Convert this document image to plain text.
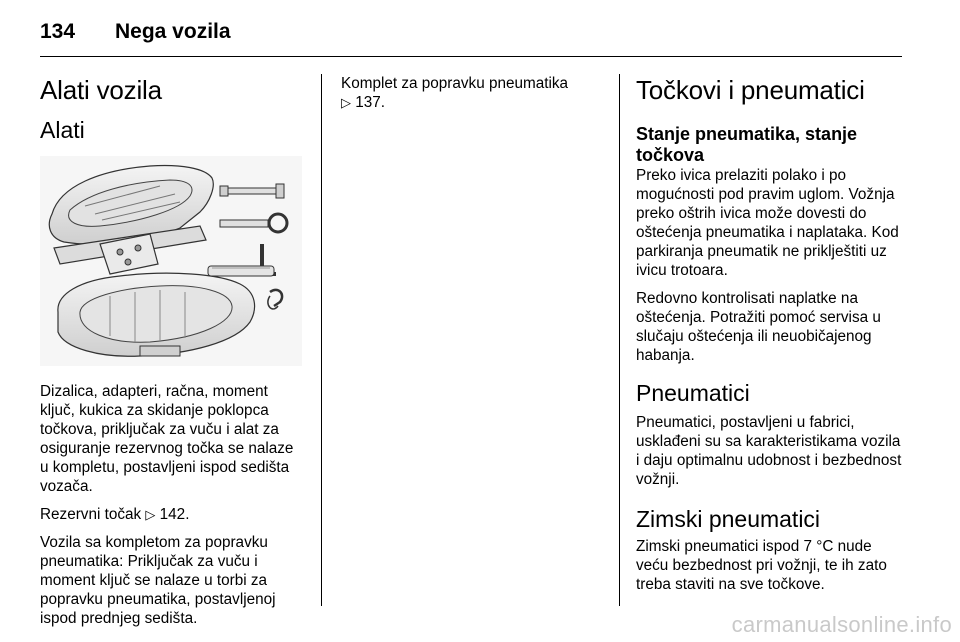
134 Nega vozila
Alati vozila
Alati

Dizalica, adapteri, račna, moment ključ, kukica za skidanje poklopca točkova, priključak za vuču i alat za osiguranje rezervnog točka se nalaze u kompletu, postavljeni ispod sedišta vozača.

Rezervni točak ▷ 142.

Vozila sa kompletom za popravku pneumatika: Priključak za vuču i moment ključ se nalaze u torbi za popravku pneumatika, postavljenoj ispod prednjeg sedišta.

Komplet za popravku pneumatika
▷ 137.	Točkovi i pneumatici
Stanje pneumatika, stanje točkova

Preko ivica prelaziti polako i po mogućnosti pod pravim uglom. Vožnja preko oštrih ivica može dovesti do oštećenja pneumatika i naplataka. Kod parkiranja pneumatik ne priklještiti uz ivicu trotoara.

Redovno kontrolisati naplatke na oštećenja. Potražiti pomoć servisa u slučaju oštećenja ili neuobičajenog habanja.

Pneumatici

Pneumatici, postavljeni u fabrici, usklađeni su sa karakteristikama vozila i daju optimalnu udobnost i bezbednost vožnji.

Zimski pneumatici

Zimski pneumatici ispod 7 °C nude veću bezbednost pri vožnji, te ih zato treba staviti na sve točkove.

carmanualsonline.info
